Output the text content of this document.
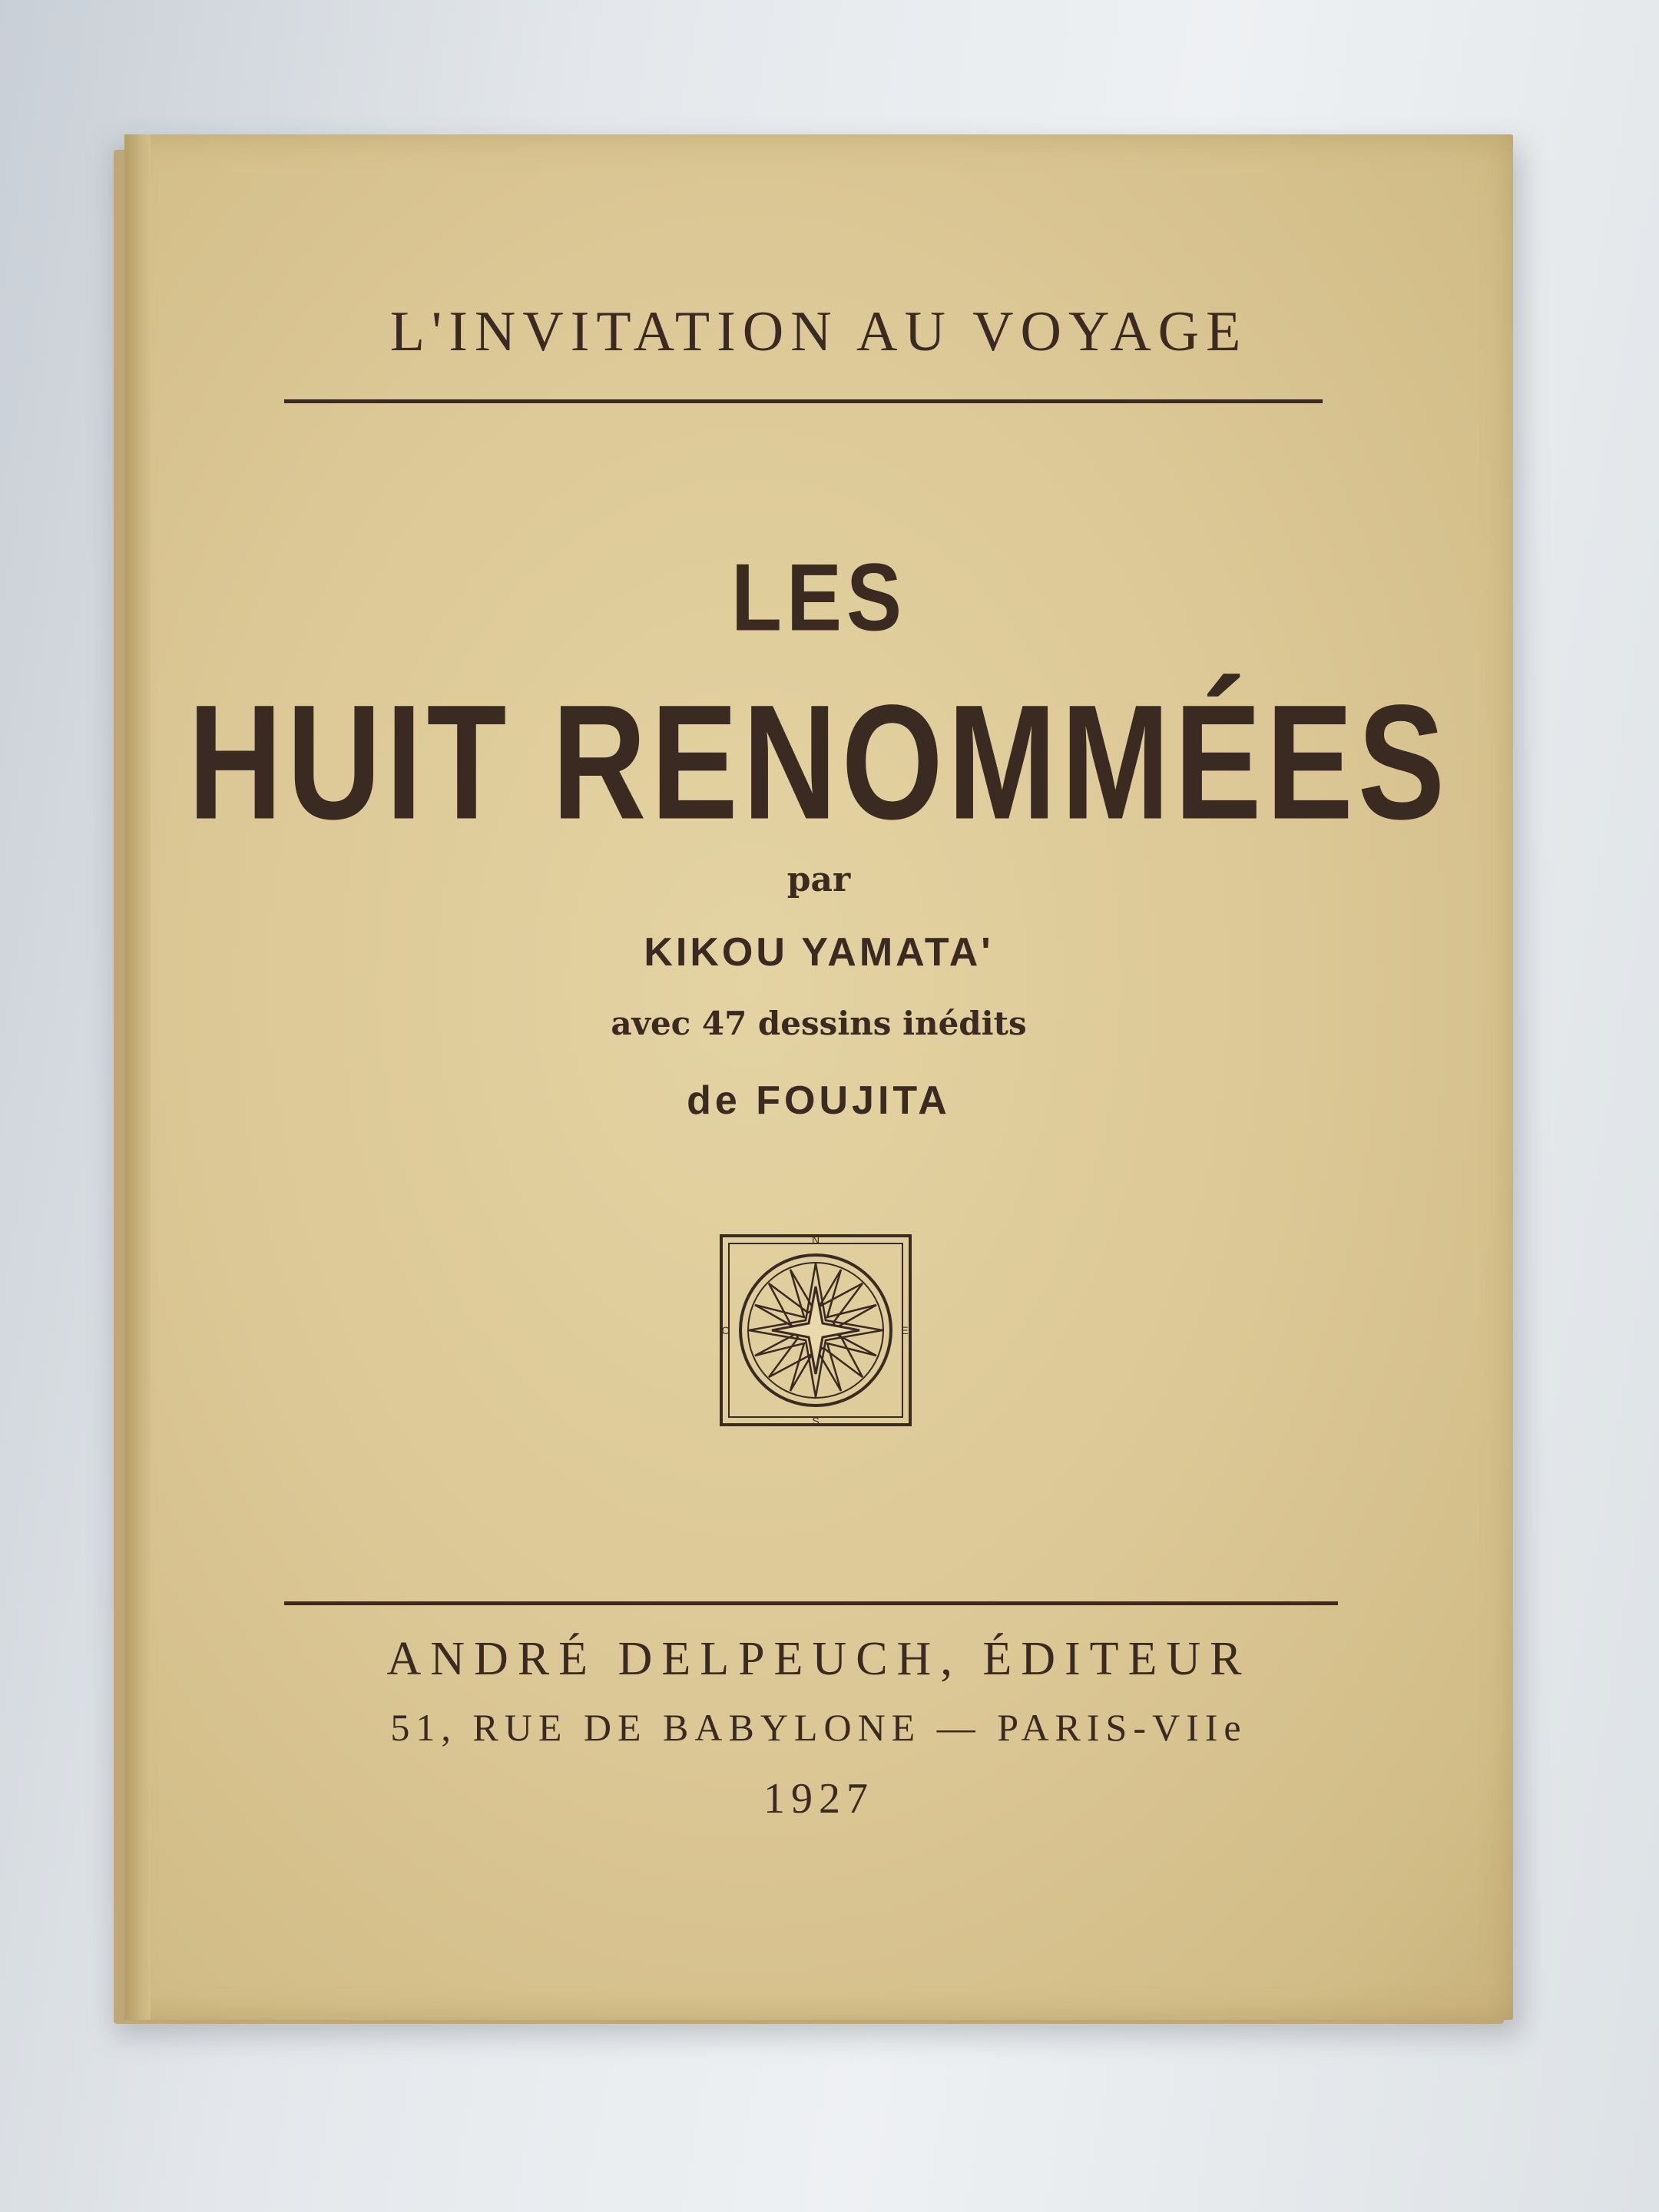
L'INVITATION AU VOYAGE
LES
HUIT RENOMMÉES
par
KIKOU YAMATA'
avec 47 dessins inédits
de FOUJITA
N
E
S
O
ANDRÉ DELPEUCH, ÉDITEUR
51, RUE DE BABYLONE — PARIS-VIIe
1927
